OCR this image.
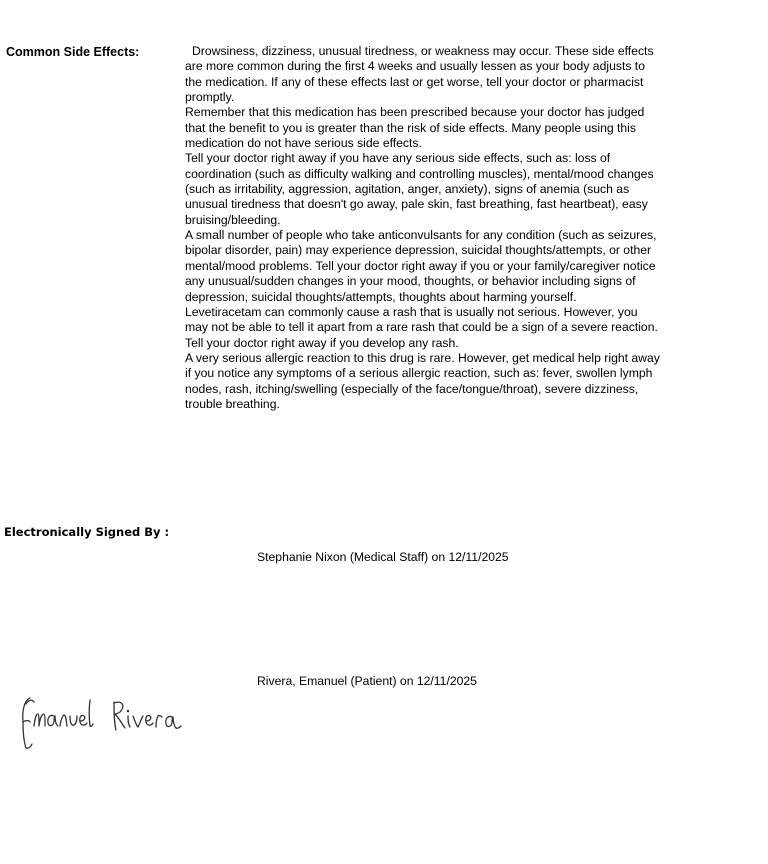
Common Side Effects:	Drowsiness, dizziness, unusual tiredness, or weakness may occur. These side effects are more common during the first 4 weeks and usually lessen as your body adjusts to the medication. If any of these effects last or get worse, tell your doctor or pharmacist promptly.

Remember that this medication has been prescribed because your doctor has judged that the benefit to you is greater than the risk of side effects. Many people using this medication do not have serious side effects.

Tell your doctor right away if you have any serious side effects, such as: loss of coordination (such as difficulty walking and controlling muscles), mental/mood changes (such as irritability, aggression, agitation, anger, anxiety), signs of anemia (such as unusual tiredness that doesn't go away, pale skin, fast breathing, fast heartbeat), easy bruising/bleeding.

A small number of people who take anticonvulsants for any condition (such as seizures, bipolar disorder, pain) may experience depression, suicidal thoughts/attempts, or other mental/mood problems. Tell your doctor right away if you or your family/caregiver notice any unusual/sudden changes in your mood, thoughts, or behavior including signs of depression, suicidal thoughts/attempts, thoughts about harming yourself.

Levetiracetam can commonly cause a rash that is usually not serious. However, you may not be able to tell it apart from a rare rash that could be a sign of a severe reaction. Tell your doctor right away if you develop any rash.

A very serious allergic reaction to this drug is rare. However, get medical help right away if you notice any symptoms of a serious allergic reaction, such as: fever, swollen lymph nodes, rash, itching/swelling (especially of the face/tongue/throat), severe dizziness, trouble breathing.

Electronically Signed By :
Stephanie Nixon (Medical Staff) on 12/11/2025
Rivera, Emanuel (Patient) on 12/11/2025
